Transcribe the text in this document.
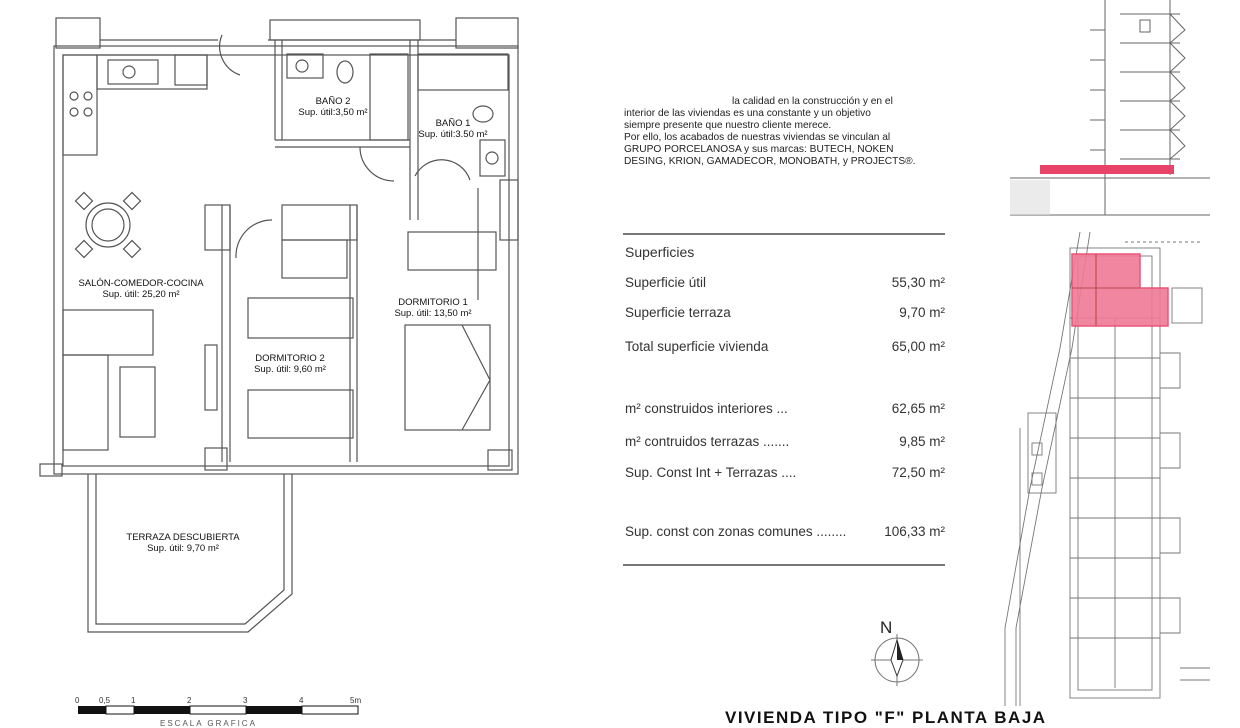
SALÓN-COMEDOR-COCINA
Sup. útil: 25,20 m²
BAÑO 2
Sup. útil:3,50 m²
BAÑO 1
Sup. útil:3.50 m²
DORMITORIO 1
Sup. útil: 13,50 m²
DORMITORIO 2
Sup. útil: 9,60 m²
TERRAZA DESCUBIERTA
Sup. útil: 9,70 m²
0 0,5	1	2	3	4	5m
ESCALA GRAFICA

la calidad en la construcción y en el

interior de las viviendas es una constante y un objetivo

siempre presente que nuestro cliente merece.

Por ello, los acabados de nuestras viviendas se vinculan al

GRUPO PORCELANOSA y sus marcas: BUTECH, NOKEN

DESING, KRION, GAMADECOR, MONOBATH, y PROJECTS®.

Superficies
Superficie útil	55,30 m²
Superficie terraza	9,70 m²
Total superficie vivienda	65,00 m²
m² construidos interiores ...	62,65 m²
m² contruidos terrazas .......	9,85 m²
Sup. Const Int + Terrazas ....	72,50 m²
Sup. const con zonas comunes ........	106,33 m²
N
VIVIENDA TIPO "F" PLANTA BAJA
